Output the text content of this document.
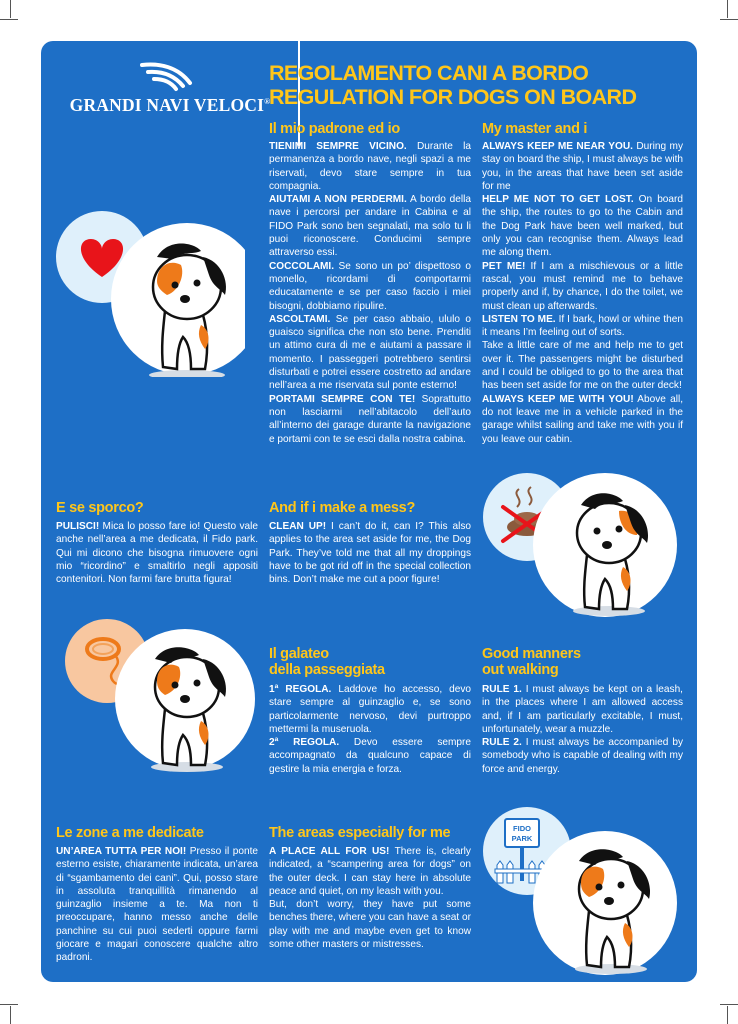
GRANDI NAVI VELOCI®
REGOLAMENTO CANI A BORDO
REGULATION FOR DOGS ON BOARD
Il mio padrone ed io
TIENIMI SEMPRE VICINO. Durante la permanenza a bordo nave, negli spazi a me riservati, devo stare sempre in tua compagnia.
AIUTAMI A NON PERDERMI. A bordo della nave i percorsi per andare in Cabina e al FIDO Park sono ben segnalati, ma solo tu li puoi riconoscere. Conducimi sempre attraverso essi.
COCCOLAMI. Se sono un po’ dispettoso o monello, ricordami di comportarmi educatamente e se per caso faccio i miei bisogni, dobbiamo ripulire.
ASCOLTAMI. Se per caso abbaio, ululo o guaisco significa che non sto bene. Prenditi un attimo cura di me e aiutami a passare il momento. I passeggeri potrebbero sentirsi disturbati e potrei essere costretto ad andare nell’area a me riservata sul ponte esterno!
PORTAMI SEMPRE CON TE! Soprattutto non lasciarmi nell’abitacolo dell’auto all’interno dei garage durante la navigazione e portami con te se esci dalla nostra cabina.
My master and i
ALWAYS KEEP ME NEAR YOU. During my stay on board the ship, I must always be with you, in the areas that have been set aside for me
HELP ME NOT TO GET LOST. On board the ship, the routes to go to the Cabin and the Dog Park have been well marked, but only you can recognise them. Always lead me along them.
PET ME! If I am a mischievous or a little rascal, you must remind me to behave properly and if, by chance, I do the toilet, we must clean up afterwards.
LISTEN TO ME. If I bark, howl or whine then it means I’m feeling out of sorts.
Take a little care of me and help me to get over it. The passengers might be disturbed and I could be obliged to go to the area that has been set aside for me on the outer deck!
ALWAYS KEEP ME WITH YOU! Above all, do not leave me in a vehicle parked in the garage whilst sailing and take me with you if you leave our cabin.
E se sporco?
PULISCI! Mica lo posso fare io! Questo vale anche nell’area a me dedicata, il Fido park. Qui mi dicono che bisogna rimuovere ogni mio “ricordino” e smaltirlo negli appositi contenitori. Non farmi fare brutta figura!
And if i make a mess?
CLEAN UP! I can’t do it, can I? This also applies to the area set aside for me, the Dog Park. They’ve told me that all my droppings have to be got rid off in the special collection bins. Don’t make me cut a poor figure!
Il galateo
della passeggiata
1ª REGOLA. Laddove ho accesso, devo stare sempre al guinzaglio e, se sono particolarmente nervoso, devi purtroppo mettermi la museruola.
2ª REGOLA. Devo essere sempre accompagnato da qualcuno capace di gestire la mia energia e forza.
Good manners
out walking
RULE 1. I must always be kept on a leash, in the places where I am allowed access and, if I am particularly excitable, I must, unfortunately, wear a muzzle.
RULE 2. I must always be accompanied by somebody who is capable of dealing with my force and energy.
Le zone a me dedicate
UN’AREA TUTTA PER NOI! Presso il ponte esterno esiste, chiaramente indicata, un’area di “sgambamento dei cani”. Qui, posso stare in assoluta tranquillità rimanendo al guinzaglio insieme a te. Ma non ti preoccupare, hanno messo anche delle panchine su cui puoi sederti oppure farmi giocare e magari conoscere qualche altro padroni.
The areas especially for me
A PLACE ALL FOR US! There is, clearly indicated, a “scampering area for dogs” on the outer deck. I can stay here in absolute peace and quiet, on my leash with you.
But, don’t worry, they have put some benches there, where you can have a seat or play with me and maybe even get to know some other masters or mistresses.
FIDO
PARK
